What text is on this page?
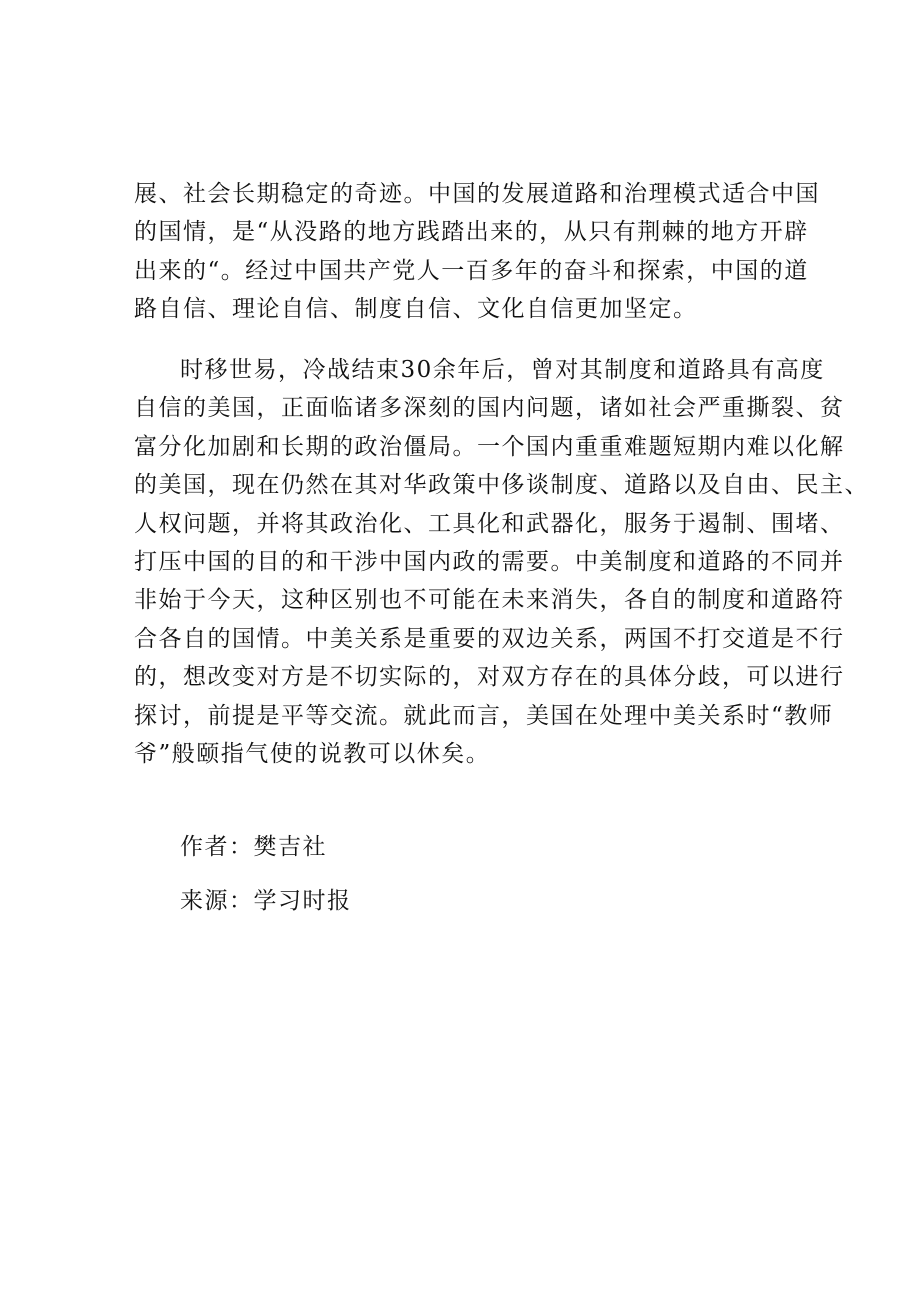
展、社会长期稳定的奇迹。中国的发展道路和治理模式适合中国
的国情，是“从没路的地方践踏出来的，从只有荆棘的地方开辟
出来的“。经过中国共产党人一百多年的奋斗和探索，中国的道
路自信、理论自信、制度自信、文化自信更加坚定。
时移世易，冷战结束30余年后，曾对其制度和道路具有高度
自信的美国，正面临诸多深刻的国内问题，诸如社会严重撕裂、贫
富分化加剧和长期的政治僵局。一个国内重重难题短期内难以化解
的美国，现在仍然在其对华政策中侈谈制度、道路以及自由、民主、
人权问题，并将其政治化、工具化和武器化，服务于遏制、围堵、
打压中国的目的和干涉中国内政的需要。中美制度和道路的不同并
非始于今天，这种区别也不可能在未来消失，各自的制度和道路符
合各自的国情。中美关系是重要的双边关系，两国不打交道是不行
的，想改变对方是不切实际的，对双方存在的具体分歧，可以进行
探讨，前提是平等交流。就此而言，美国在处理中美关系时“教师
爷”般颐指气使的说教可以休矣。

作者：樊吉社

来源：学习时报
